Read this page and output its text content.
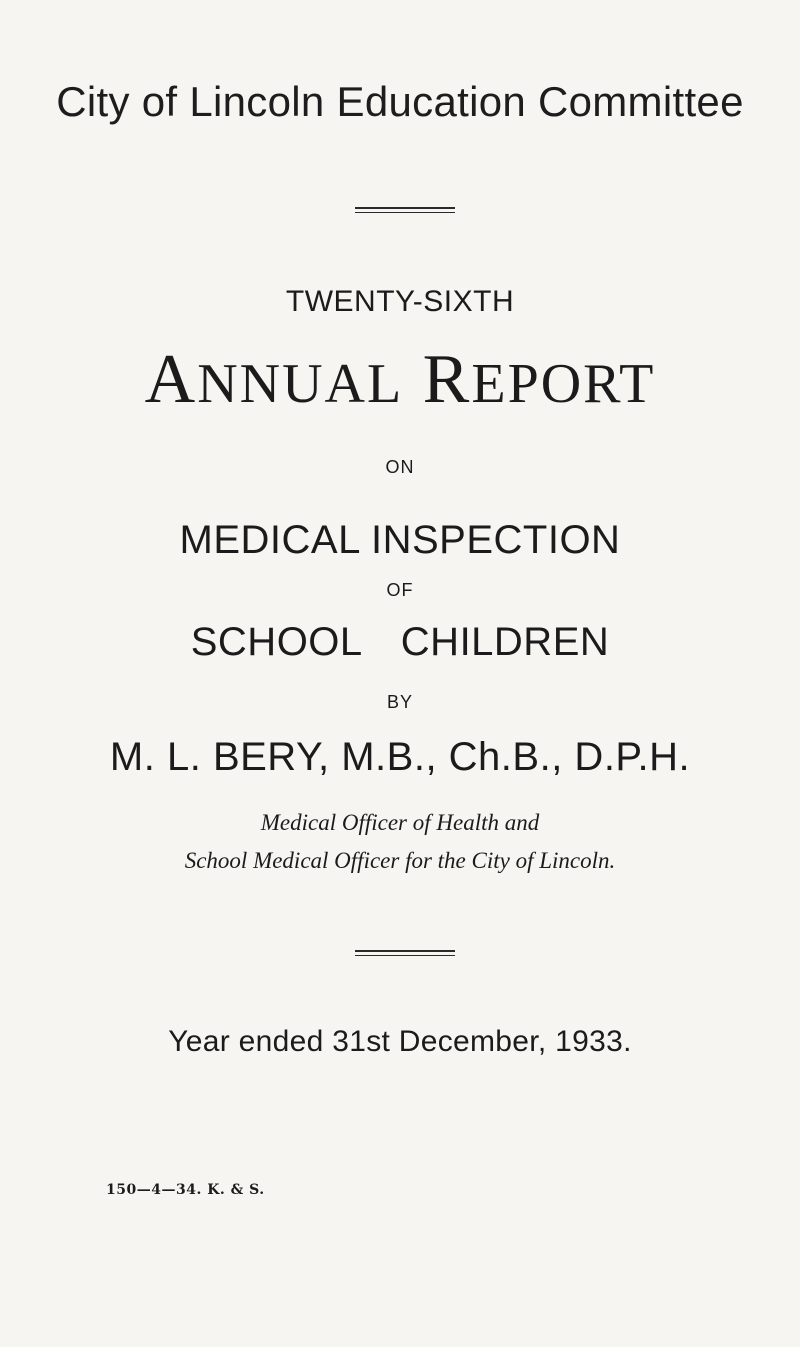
City of Lincoln Education Committee
TWENTY-SIXTH
ANNUAL REPORT
ON
MEDICAL INSPECTION
OF
SCHOOL CHILDREN
BY
M. L. BERY, M.B., Ch.B., D.P.H.
Medical Officer of Health and
School Medical Officer for the City of Lincoln.
Year ended 31st December, 1933.
150—4—34. K. & S.
